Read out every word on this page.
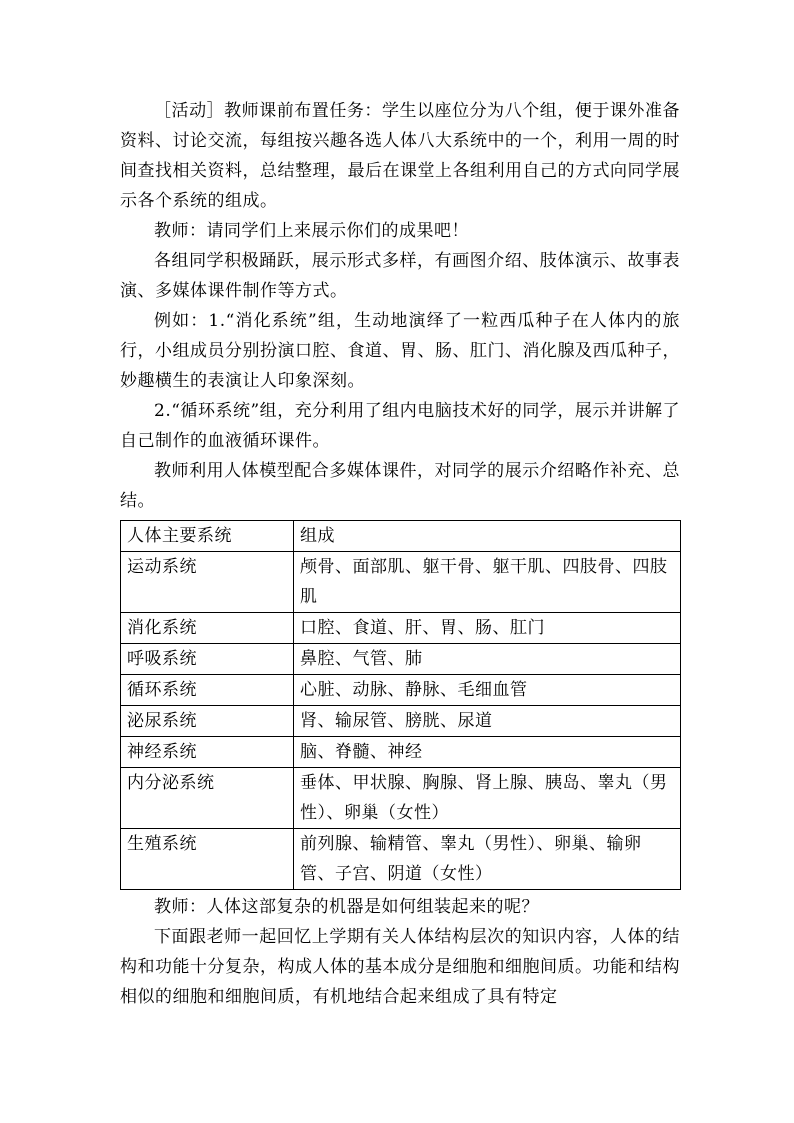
［活动］教师课前布置任务：学生以座位分为八个组，便于课外准备资料、讨论交流，每组按兴趣各选人体八大系统中的一个，利用一周的时间查找相关资料，总结整理，最后在课堂上各组利用自己的方式向同学展示各个系统的组成。

教师：请同学们上来展示你们的成果吧！

各组同学积极踊跃，展示形式多样，有画图介绍、肢体演示、故事表演、多媒体课件制作等方式。

例如：1.“消化系统”组，生动地演绎了一粒西瓜种子在人体内的旅行，小组成员分别扮演口腔、食道、胃、肠、肛门、消化腺及西瓜种子，妙趣横生的表演让人印象深刻。

2.“循环系统”组，充分利用了组内电脑技术好的同学，展示并讲解了自己制作的血液循环课件。

教师利用人体模型配合多媒体课件，对同学的展示介绍略作补充、总结。

人体主要系统	组成
运动系统	颅骨、面部肌、躯干骨、躯干肌、四肢骨、四肢肌
消化系统	口腔、食道、肝、胃、肠、肛门
呼吸系统	鼻腔、气管、肺
循环系统	心脏、动脉、静脉、毛细血管
泌尿系统	肾、输尿管、膀胱、尿道
神经系统	脑、脊髓、神经
内分泌系统	垂体、甲状腺、胸腺、肾上腺、胰岛、睾丸（男性）、卵巢（女性）
生殖系统	前列腺、输精管、睾丸（男性）、卵巢、输卵管、子宫、阴道（女性）

教师：人体这部复杂的机器是如何组装起来的呢？

下面跟老师一起回忆上学期有关人体结构层次的知识内容，人体的结构和功能十分复杂，构成人体的基本成分是细胞和细胞间质。功能和结构相似的细胞和细胞间质，有机地结合起来组成了具有特定
